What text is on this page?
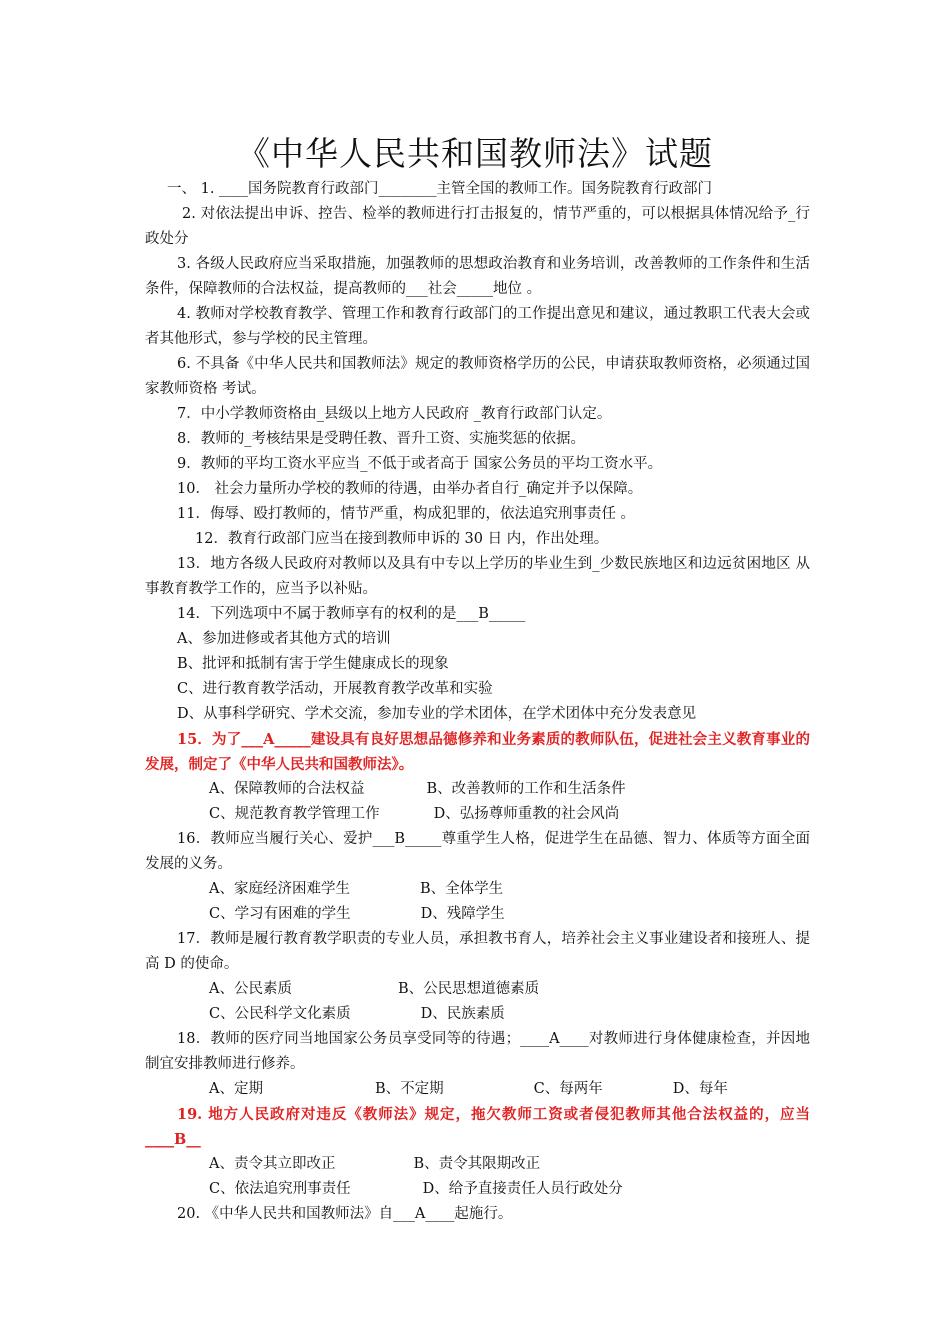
《中华人民共和国教师法》试题

一、 1. ____国务院教育行政部门________主管全国的教师工作。国务院教育行政部门

2. 对依法提出申诉、控告、检举的教师进行打击报复的，情节严重的，可以根据具体情况给予_行政处分

3. 各级人民政府应当采取措施，加强教师的思想政治教育和业务培训，改善教师的工作条件和生活条件，保障教师的合法权益，提高教师的___社会_____地位 。

4. 教师对学校教育教学、管理工作和教育行政部门的工作提出意见和建议，通过教职工代表大会或者其他形式，参与学校的民主管理。

6. 不具备《中华人民共和国教师法》规定的教师资格学历的公民，申请获取教师资格，必须通过国家教师资格 考试。

7．中小学教师资格由_县级以上地方人民政府 _教育行政部门认定。

8．教师的_考核结果是受聘任教、晋升工资、实施奖惩的依据。

9．教师的平均工资水平应当_不低于或者高于 国家公务员的平均工资水平。

10． 社会力量所办学校的教师的待遇，由举办者自行_确定并予以保障。

11．侮辱、殴打教师的，情节严重，构成犯罪的，依法追究刑事责任 。

12．教育行政部门应当在接到教师申诉的 30 日 内，作出处理。

13．地方各级人民政府对教师以及具有中专以上学历的毕业生到_少数民族地区和边远贫困地区 从事教育教学工作的，应当予以补贴。

14．下列选项中不属于教师享有的权利的是___B_____

A、参加进修或者其他方式的培训

B、批评和抵制有害于学生健康成长的现象

C、进行教育教学活动，开展教育教学改革和实验

D、从事科学研究、学术交流，参加专业的学术团体，在学术团体中充分发表意见

15．为了___A_____建设具有良好思想品德修养和业务素质的教师队伍，促进社会主义教育事业的发展，制定了《中华人民共和国教师法》。

A、保障教师的合法权益	B、改善教师的工作和生活条件

C、规范教育教学管理工作	D、弘扬尊师重教的社会风尚

16．教师应当履行关心、爱护___B_____尊重学生人格，促进学生在品德、智力、体质等方面全面发展的义务。

A、家庭经济困难学生	B、全体学生

C、学习有困难的学生	D、残障学生

17．教师是履行教育教学职责的专业人员，承担教书育人，培养社会主义事业建设者和接班人、提高 D 的使命。

A、公民素质	B、公民思想道德素质

C、公民科学文化素质	D、民族素质

18．教师的医疗同当地国家公务员享受同等的待遇；____A____对教师进行身体健康检查，并因地制宜安排教师进行修养。

A、定期	B、不定期	C、每两年	D、每年

19. 地方人民政府对违反《教师法》规定，拖欠教师工资或者侵犯教师其他合法权益的，应当____B__

A、责令其立即改正	B、责令其限期改正

C、依法追究刑事责任	D、给予直接责任人员行政处分

20. 《中华人民共和国教师法》自___A____起施行。
